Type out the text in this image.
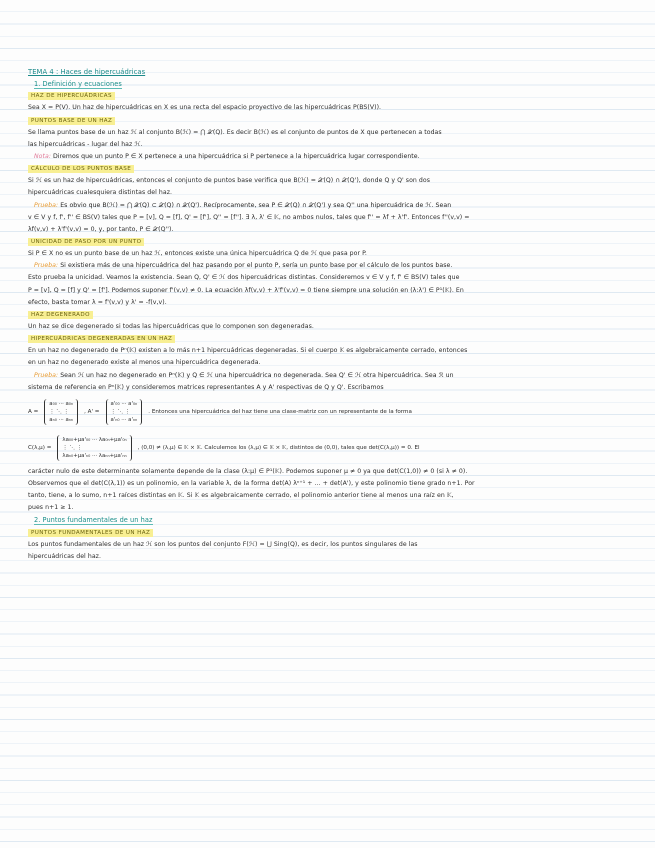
TEMA 4 : Haces de hipercuádricas
1. Definición y ecuaciones
HAZ DE HIPERCUÁDRICAS
Sea X = P(V). Un haz de hipercuádricas en X es una recta del espacio proyectivo de las hipercuádricas P(BS(V)).
PUNTOS BASE DE UN HAZ
Se llama puntos base de un haz ℋ al conjunto B(ℋ) = ⋂ 𝒳(Q). Es decir B(ℋ) es el conjunto de puntos de X que pertenecen a todas
las hipercuádricas - lugar del haz ℋ.
Nota: Diremos que un punto P ∈ X pertenece a una hipercuádrica si P pertenece a la hipercuádrica lugar correspondiente.
CÁLCULO DE LOS PUNTOS BASE
Si ℋ es un haz de hipercuádricas, entonces el conjunto de puntos base verifica que B(ℋ) = 𝒳(Q) ∩ 𝒳(Q'), donde Q y Q' son dos
hipercuádricas cualesquiera distintas del haz.
Prueba: Es obvio que B(ℋ) = ⋂ 𝒳(Q) ⊂ 𝒳(Q) ∩ 𝒳(Q'). Recíprocamente, sea P ∈ 𝒳(Q) ∩ 𝒳(Q') y sea Q'' una hipercuádrica de ℋ. Sean
v ∈ V y f, f', f'' ∈ BS(V) tales que P = [v], Q = [f], Q' = [f'], Q'' = [f'']. ∃ λ, λ' ∈ 𝕂, no ambos nulos, tales que f'' = λf + λ'f'. Entonces f''(v,v) =
λf(v,v) + λ'f'(v,v) = 0, y, por tanto, P ∈ 𝒳(Q'').
UNICIDAD DE PASO POR UN PUNTO
Si P ∈ X no es un punto base de un haz ℋ, entonces existe una única hipercuádrica Q de ℋ que pasa por P.
Prueba: Si existiera más de una hipercuádrica del haz pasando por el punto P, sería un punto base por el cálculo de los puntos base.
Esto prueba la unicidad. Veamos la existencia. Sean Q, Q' ∈ ℋ dos hipercuádricas distintas. Consideremos v ∈ V y f, f' ∈ BS(V) tales que
P = [v], Q = [f] y Q' = [f']. Podemos suponer f'(v,v) ≠ 0. La ecuación λf(v,v) + λ'f'(v,v) = 0 tiene siempre una solución en (λ:λ') ∈ P¹(𝕂). En
efecto, basta tomar λ = f'(v,v) y λ' = -f(v,v).
HAZ DEGENERADO
Un haz se dice degenerado si todas las hipercuádricas que lo componen son degeneradas.
HIPERCUÁDRICAS DEGENERADAS EN UN HAZ
En un haz no degenerado de Pⁿ(𝕂) existen a lo más n+1 hipercuádricas degeneradas. Si el cuerpo 𝕂 es algebraicamente cerrado, entonces
en un haz no degenerado existe al menos una hipercuádrica degenerada.
Prueba: Sean ℋ un haz no degenerado en Pⁿ(𝕂) y Q ∈ ℋ una hipercuádrica no degenerada. Sea Q' ∈ ℋ otra hipercuádrica. Sea ℛ un
sistema de referencia en Pⁿ(𝕂) y consideremos matrices representantes A y A' respectivas de Q y Q'. Escribamos
A =
a₀₀ ··· a₀ₙ
⋮ ⋱ ⋮
aₙ₀ ··· aₙₙ
, A' =
a'₀₀ ··· a'₀ₙ
⋮ ⋱ ⋮
a'ₙ₀ ··· a'ₙₙ
. Entonces una hipercuádrica del haz tiene una clase-matriz con un representante de la forma
C(λ,μ) =
λa₀₀+μa'₀₀ ··· λa₀ₙ+μa'₀ₙ
⋮ ⋱ ⋮
λaₙ₀+μa'ₙ₀ ··· λaₙₙ+μa'ₙₙ
, (0,0) ≠ (λ,μ) ∈ 𝕂 × 𝕂. Calculemos los (λ,μ) ∈ 𝕂 × 𝕂, distintos de (0,0), tales que det(C(λ,μ)) = 0. El
carácter nulo de este determinante solamente depende de la clase (λ:μ) ∈ P¹(𝕂). Podemos suponer μ ≠ 0 ya que det(C(1,0)) ≠ 0 (si λ ≠ 0).
Observemos que el det(C(λ,1)) es un polinomio, en la variable λ, de la forma det(A) λⁿ⁺¹ + ... + det(A'), y este polinomio tiene grado n+1. Por
tanto, tiene, a lo sumo, n+1 raíces distintas en 𝕂. Si 𝕂 es algebraicamente cerrado, el polinomio anterior tiene al menos una raíz en 𝕂,
pues n+1 ≥ 1.
2. Puntos fundamentales de un haz
PUNTOS FUNDAMENTALES DE UN HAZ
Los puntos fundamentales de un haz ℋ son los puntos del conjunto F(ℋ) = ⋃ Sing(Q), es decir, los puntos singulares de las
hipercuádricas del haz.
